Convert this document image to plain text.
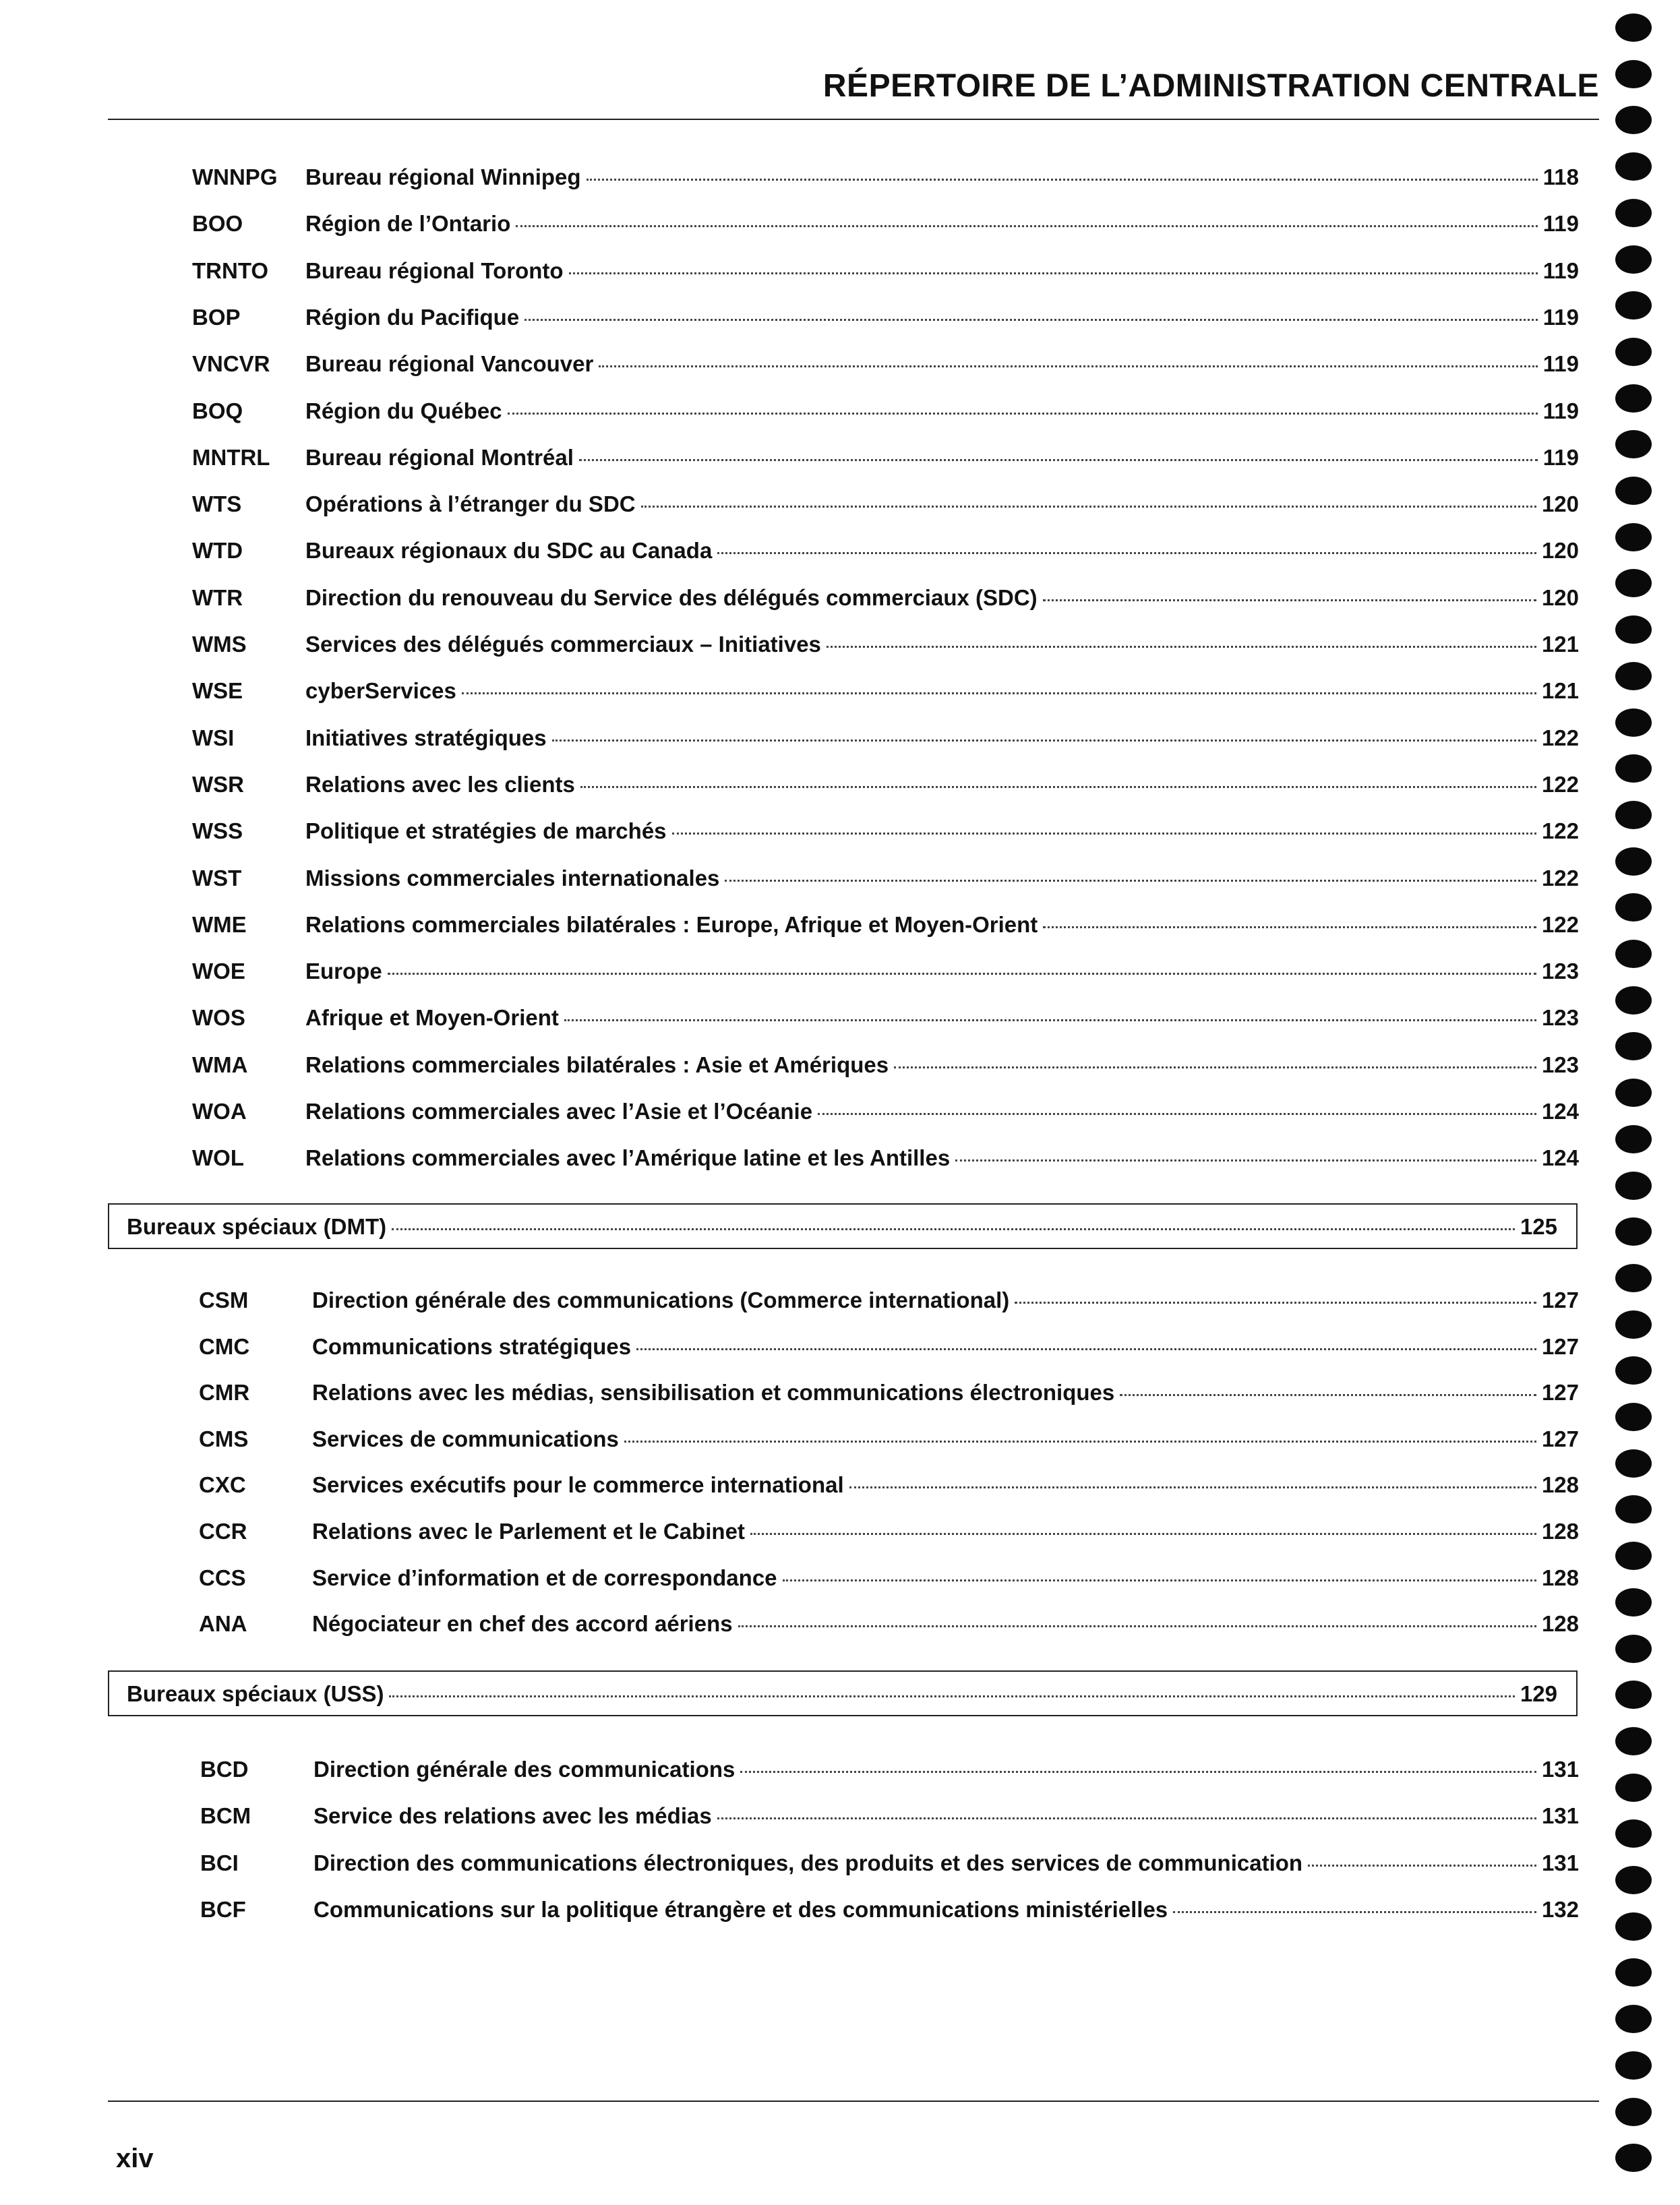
RÉPERTOIRE DE L’ADMINISTRATION CENTRALE
WNNPG Bureau régional Winnipeg	118
BOO	Région de l’Ontario	119
TRNTO Bureau régional Toronto	119
BOP	Région du Pacifique	119
VNCVR Bureau régional Vancouver	119
BOQ	Région du Québec	119
MNTRL Bureau régional Montréal	119
WTS	Opérations à l’étranger du SDC	120
WTD	Bureaux régionaux du SDC au Canada	120
WTR	Direction du renouveau du Service des délégués commerciaux (SDC)	120
WMS	Services des délégués commerciaux – Initiatives	121
WSE	cyberServices	121
WSI	Initiatives stratégiques	122
WSR	Relations avec les clients	122
WSS	Politique et stratégies de marchés	122
WST	Missions commerciales internationales	122
WME	Relations commerciales bilatérales : Europe, Afrique et Moyen-Orient	122
WOE	Europe	123
WOS	Afrique et Moyen-Orient	123
WMA	Relations commerciales bilatérales : Asie et Amériques	123
WOA	Relations commerciales avec l’Asie et l’Océanie	124
WOL	Relations commerciales avec l’Amérique latine et les Antilles	124
Bureaux spéciaux (DMT)	125
CSM	Direction générale des communications (Commerce international)	127
CMC	Communications stratégiques	127
CMR	Relations avec les médias, sensibilisation et communications électroniques	127
CMS	Services de communications	127
CXC	Services exécutifs pour le commerce international	128
CCR	Relations avec le Parlement et le Cabinet	128
CCS	Service d’information et de correspondance	128
ANA	Négociateur en chef des accord aériens	128
Bureaux spéciaux (USS)	129
BCD	Direction générale des communications	131
BCM	Service des relations avec les médias	131
BCI	Direction des communications électroniques, des produits et des services de communication	131
BCF	Communications sur la politique étrangère et des communications ministérielles	132
xiv
